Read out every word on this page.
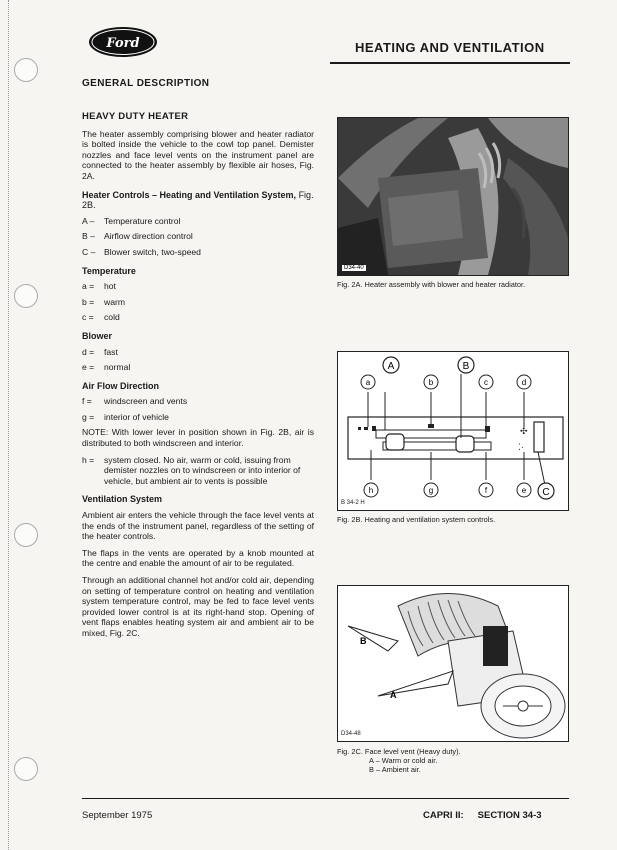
Ford	HEATING AND VENTILATION
GENERAL DESCRIPTION
HEAVY DUTY HEATER

The heater assembly comprising blower and heater radiator is bolted inside the vehicle to the cowl top panel. Demister nozzles and face level vents on the instrument panel are connected to the heater assembly by flexible air hoses, Fig. 2A.

Heater Controls – Heating and Ventilation System, Fig. 2B.
A –	Temperature control
B –	Airflow direction control
C –	Blower switch, two-speed
Temperature
a =	hot
b =	warm
c =	cold
Blower
d =	fast
e =	normal
Air Flow Direction
f =	windscreen and vents
g =	interior of vehicle

NOTE: With lower lever in position shown in Fig. 2B, air is distributed to both windscreen and interior.

h =	system closed. No air, warm or cold, issuing from demister nozzles on to windscreen or into interior of vehicle, but ambient air to vents is possible
Ventilation System

Ambient air enters the vehicle through the face level vents at the ends of the instrument panel, regardless of the setting of the heater controls.

The flaps in the vents are operated by a knob mounted at the centre and enable the amount of air to be regulated.

Through an additional channel hot and/or cold air, depending on setting of temperature control on heating and ventilation system temperature control, may be fed to face level vents provided lower control is at its right-hand stop. Opening of vent flaps enables heating system air and ambient air to be mixed, Fig. 2C.

D34-40
Fig. 2A. Heater assembly with blower and heater radiator.
✣
⁚·
A	B
C
a	b	c	d
h	g	f	e
B 34-2 H
Fig. 2B. Heating and ventilation system controls.
B
A
D34-48
Fig. 2C. Face level vent (Heavy duty).
A – Warm or cold air.
B – Ambient air.
September 1975	CAPRI II: SECTION 34-3
